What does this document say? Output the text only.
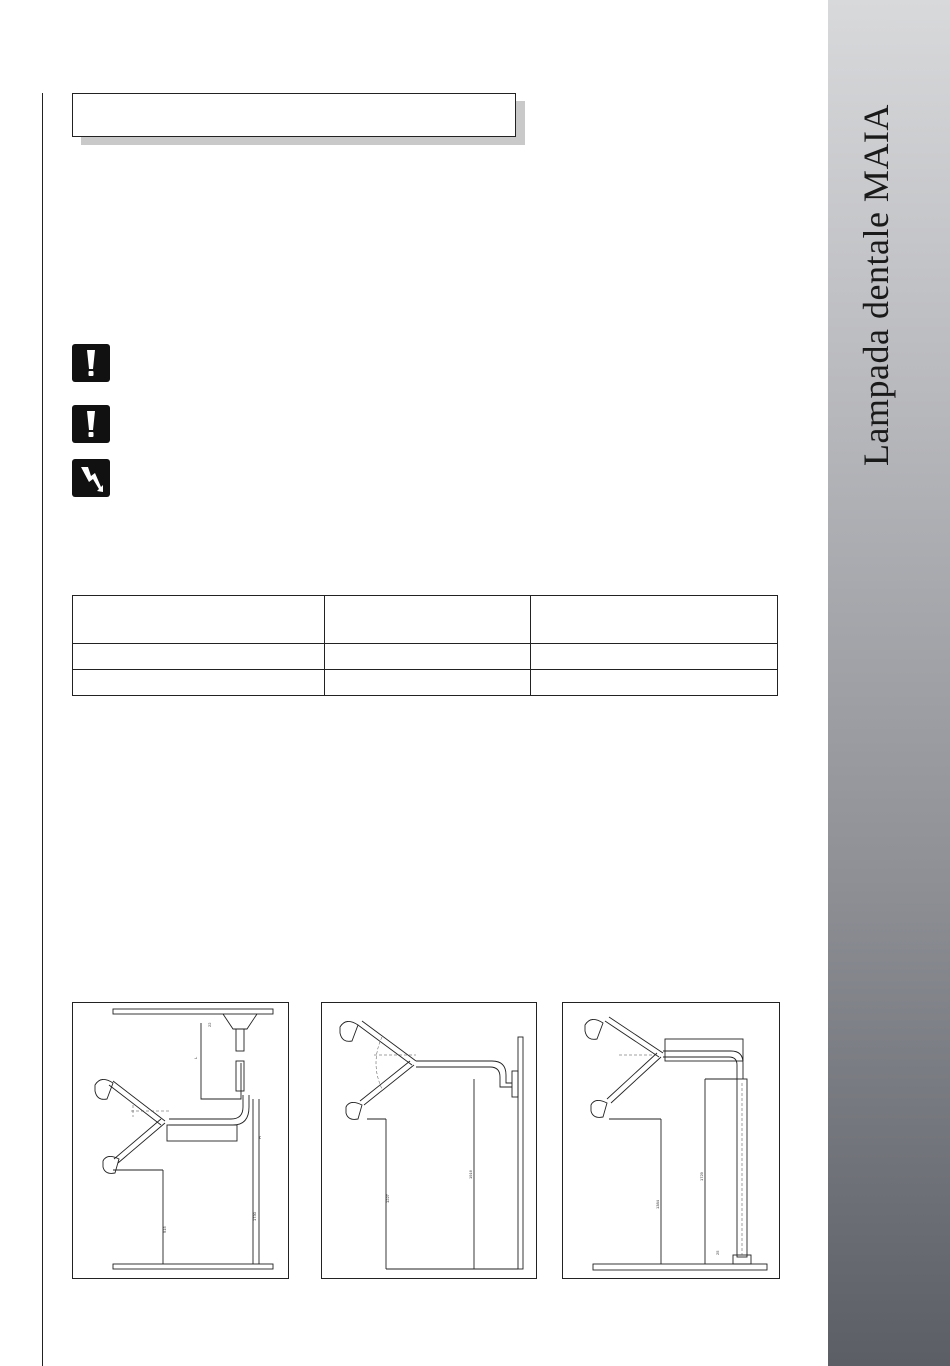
22
L
H
1730
915
1227
1916
1384
1729
25
Lampada dentale MAIA
